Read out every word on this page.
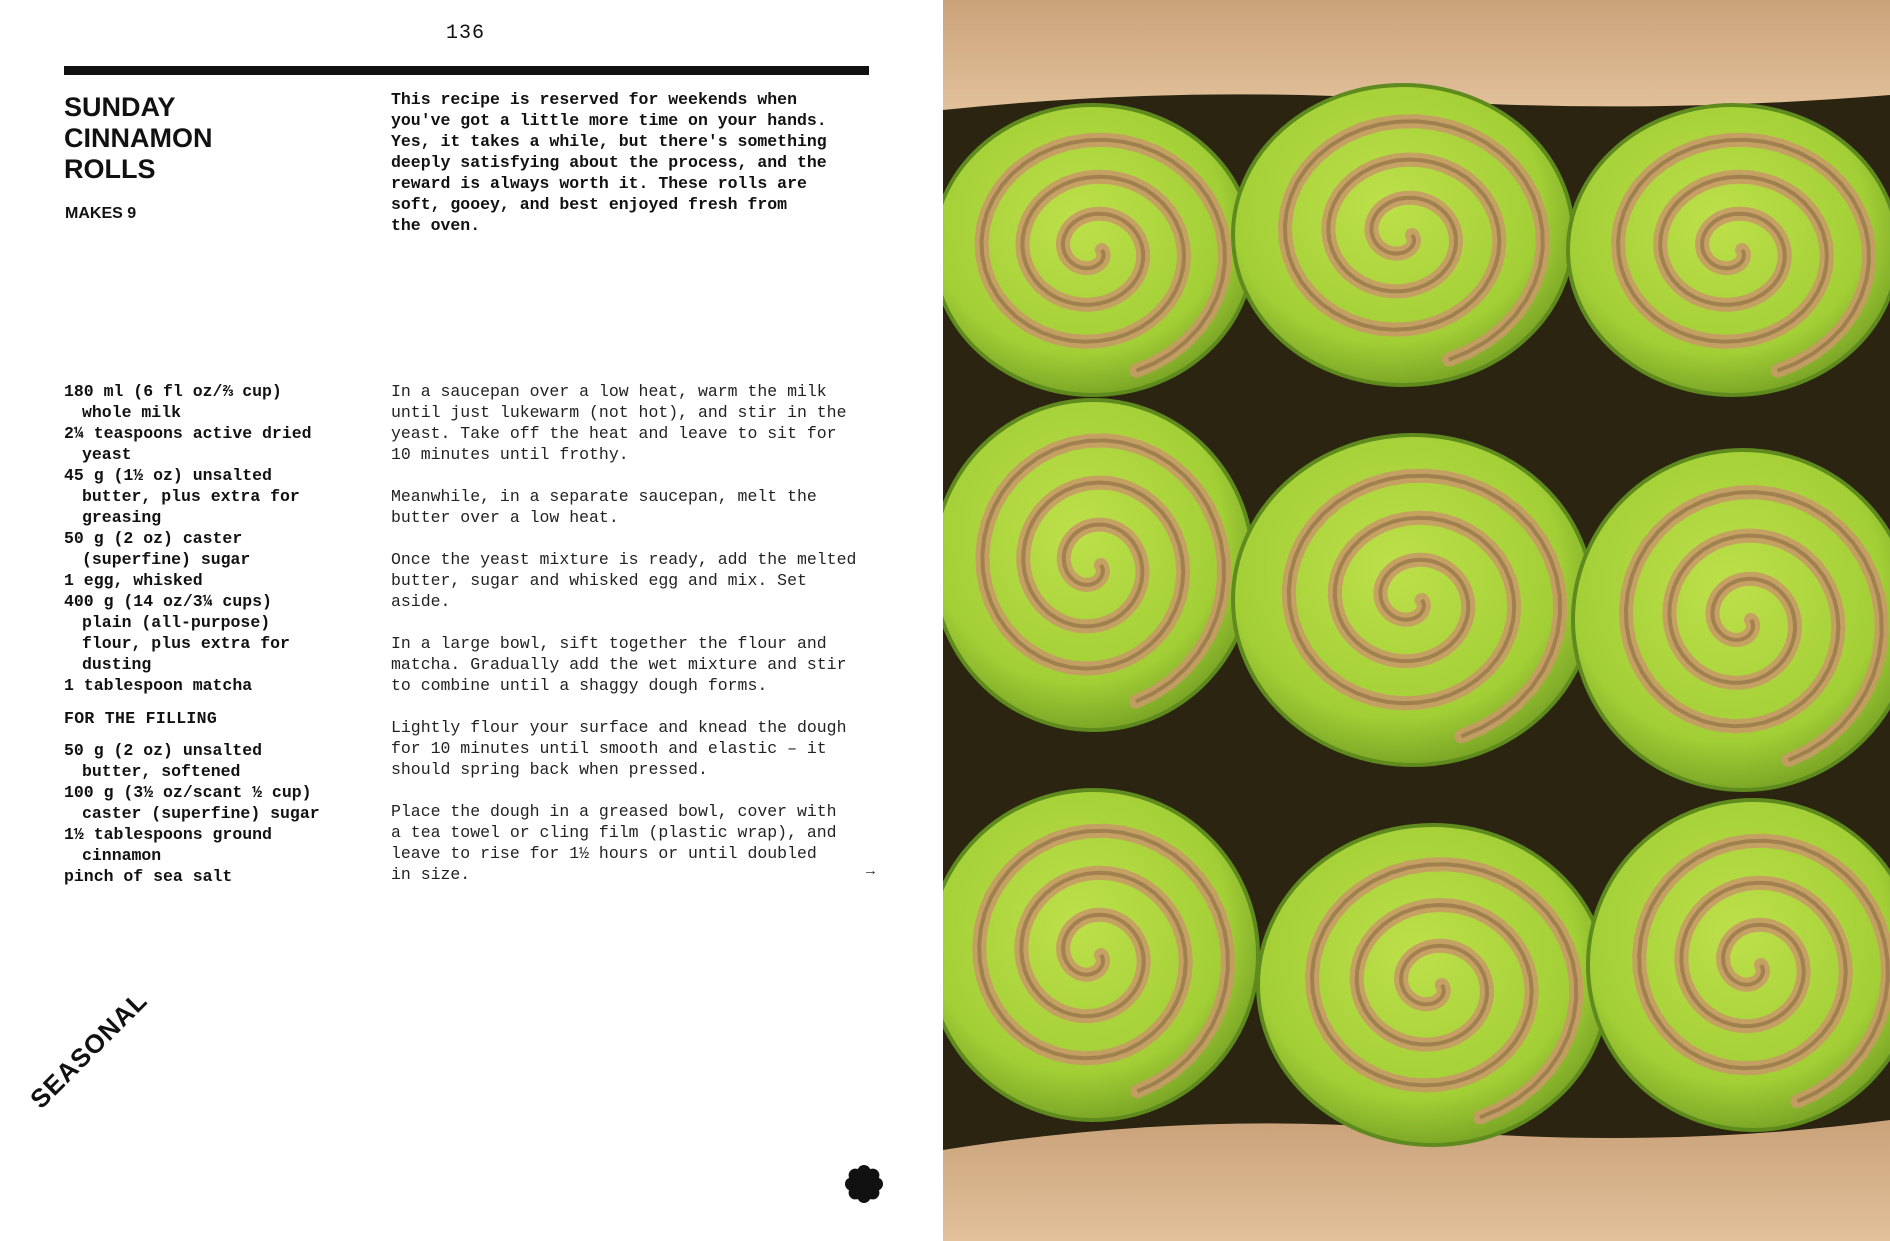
136
SUNDAY
CINNAMON
ROLLS
MAKES 9

This recipe is reserved for weekends when
you've got a little more time on your hands.
Yes, it takes a while, but there's something
deeply satisfying about the process, and the
reward is always worth it. These rolls are
soft, gooey, and best enjoyed fresh from
the oven.

180 ml (6 fl oz/⅔ cup)
whole milk
2¼ teaspoons active dried
yeast
45 g (1½ oz) unsalted
butter, plus extra for
greasing
50 g (2 oz) caster
(superfine) sugar
1 egg, whisked
400 g (14 oz/3¼ cups)
plain (all-purpose)
flour, plus extra for
dusting
1 tablespoon matcha
FOR THE FILLING
50 g (2 oz) unsalted
butter, softened
100 g (3½ oz/scant ½ cup)
caster (superfine) sugar
1½ tablespoons ground
cinnamon
pinch of sea salt

In a saucepan over a low heat, warm the milk
until just lukewarm (not hot), and stir in the
yeast. Take off the heat and leave to sit for
10 minutes until frothy.

Meanwhile, in a separate saucepan, melt the
butter over a low heat.

Once the yeast mixture is ready, add the melted
butter, sugar and whisked egg and mix. Set
aside.

In a large bowl, sift together the flour and
matcha. Gradually add the wet mixture and stir
to combine until a shaggy dough forms.

Lightly flour your surface and knead the dough
for 10 minutes until smooth and elastic – it
should spring back when pressed.

Place the dough in a greased bowl, cover with
a tea towel or cling film (plastic wrap), and
leave to rise for 1½ hours or until doubled
in size.	→
SEASONAL
